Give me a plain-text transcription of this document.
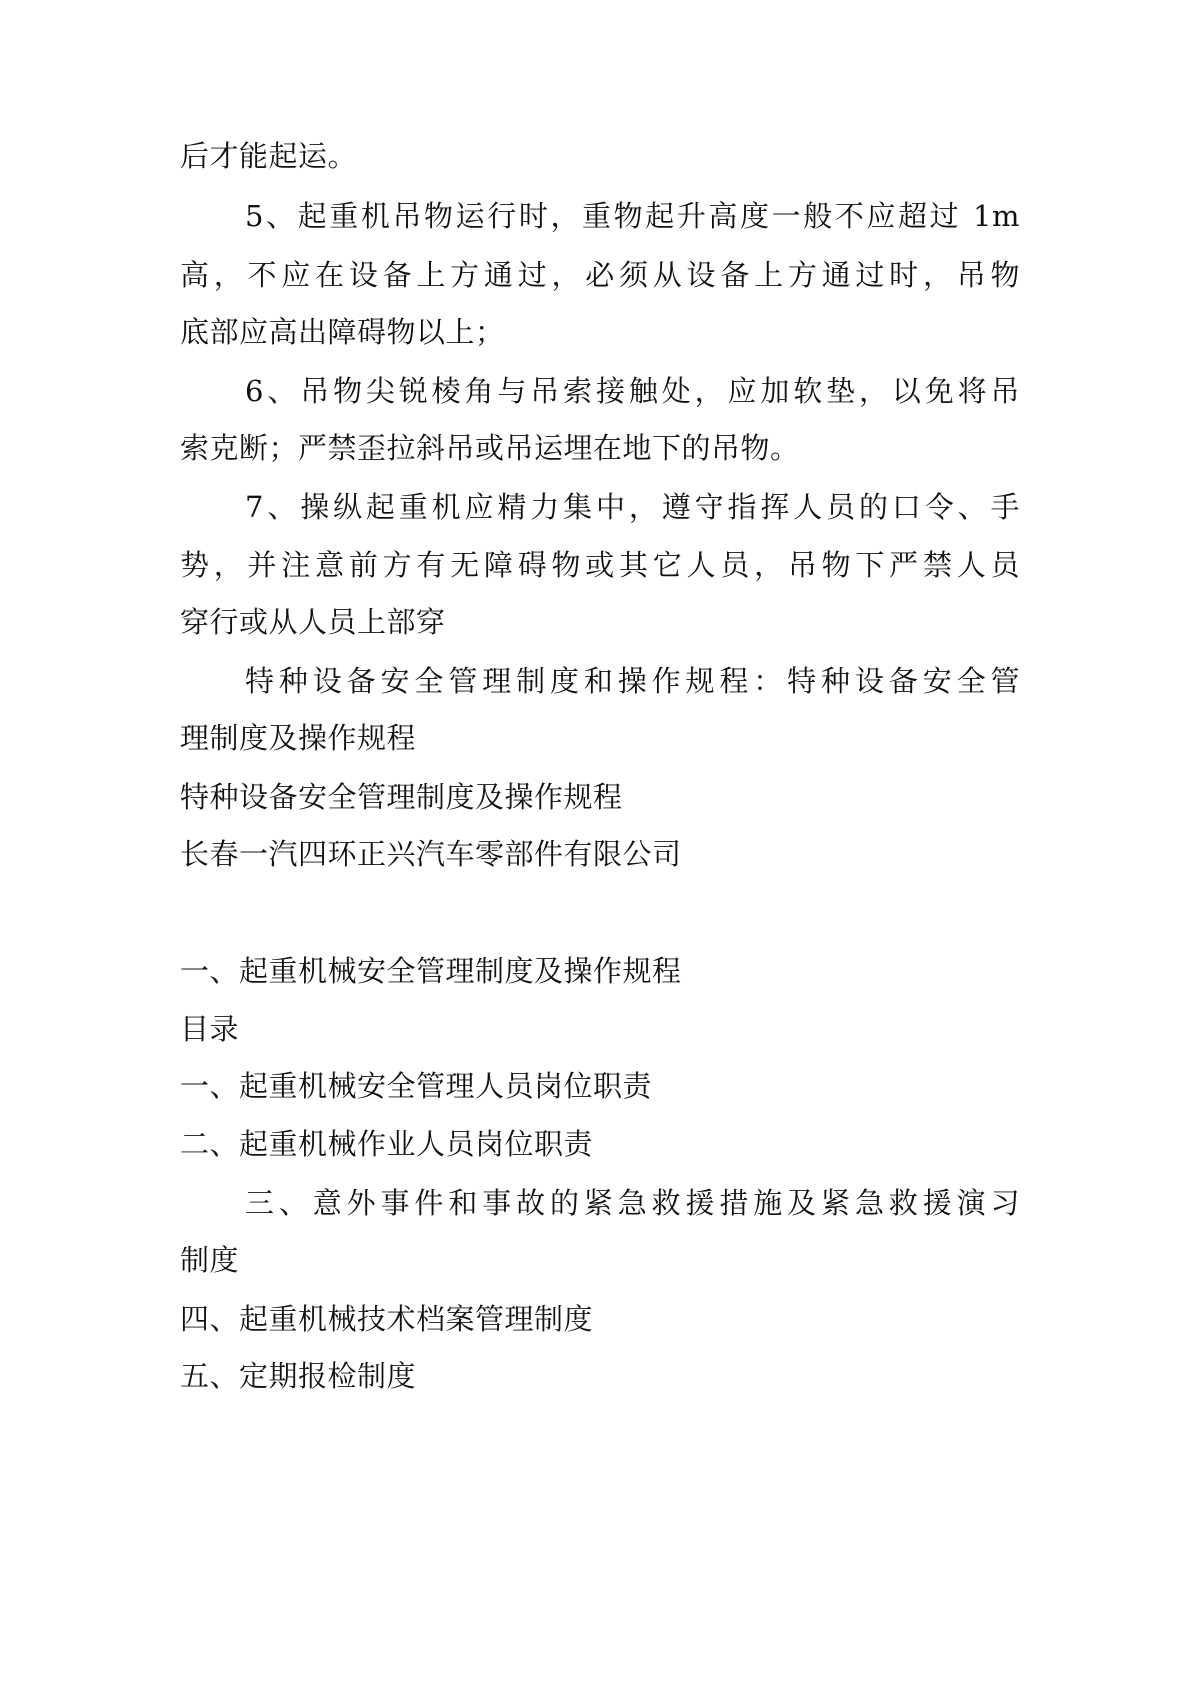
后才能起运。
5、起重机吊物运行时，重物起升高度一般不应超过 1m
高，不应在设备上方通过，必须从设备上方通过时，吊物
底部应高出障碍物以上；
6、吊物尖锐棱角与吊索接触处，应加软垫，以免将吊
索克断；严禁歪拉斜吊或吊运埋在地下的吊物。
7、操纵起重机应精力集中，遵守指挥人员的口令、手
势，并注意前方有无障碍物或其它人员，吊物下严禁人员
穿行或从人员上部穿
特种设备安全管理制度和操作规程：特种设备安全管
理制度及操作规程
特种设备安全管理制度及操作规程
长春一汽四环正兴汽车零部件有限公司
一、起重机械安全管理制度及操作规程
目录
一、起重机械安全管理人员岗位职责
二、起重机械作业人员岗位职责
三、意外事件和事故的紧急救援措施及紧急救援演习
制度
四、起重机械技术档案管理制度
五、定期报检制度
